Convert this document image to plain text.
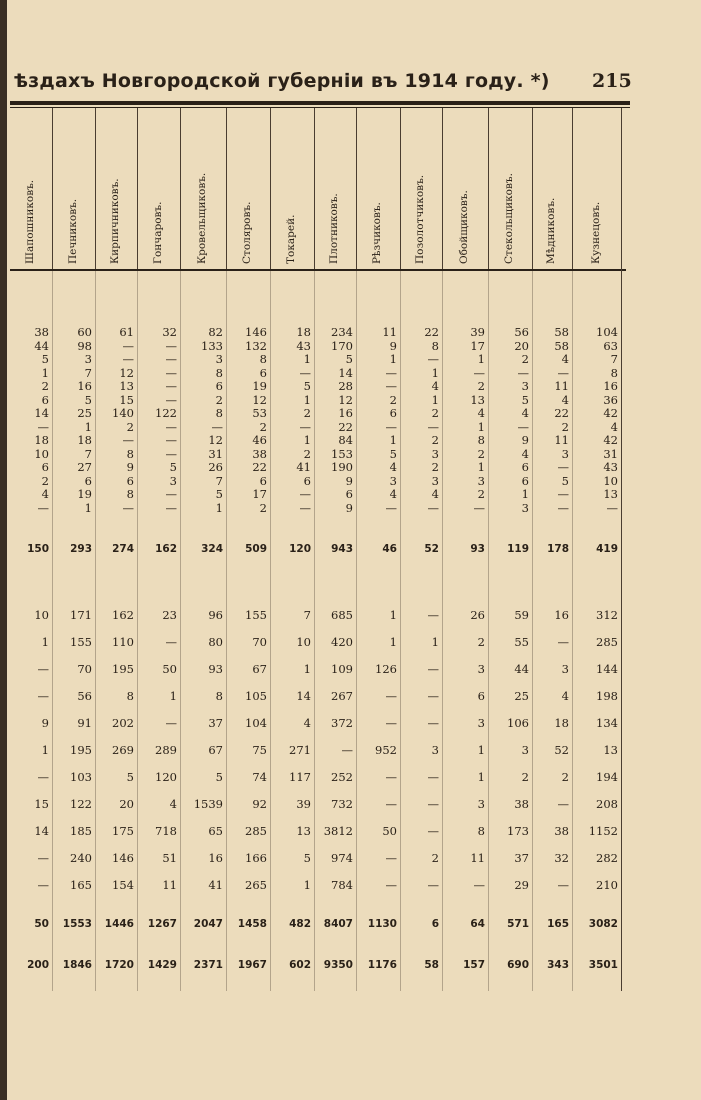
ѣздахъ Новгородской губерніи въ 1914 году. *) 215
Шапошниковъ.	Печниковъ.	Кирпичниковъ.	Гончаровъ.	Кровельщиковъ.	Столяровъ.	Токарей.	Плотниковъ.	Рѣзчиковъ.	Позолотчиковъ.	Обойщиковъ.	Стекольщиковъ.	Мѣдниковъ.	Кузнецовъ.
38	60	61	32	82	146	18	234	11	22	39	56	58	104
44	98	—	—	133	132	43	170	9	8	17	20	58	63
5	3	—	—	3	8	1	5	1	—	1	2	4	7
1	7	12	—	8	6	—	14	—	1	—	—	—	8
2	16	13	—	6	19	5	28	—	4	2	3	11	16
6	5	15	—	2	12	1	12	2	1	13	5	4	36
14	25	140	122	8	53	2	16	6	2	4	4	22	42
—	1	2	—	—	2	—	22	—	—	1	—	2	4
18	18	—	—	12	46	1	84	1	2	8	9	11	42
10	7	8	—	31	38	2	153	5	3	2	4	3	31
6	27	9	5	26	22	41	190	4	2	1	6	—	43
2	6	6	3	7	6	6	9	3	3	3	6	5	10
4	19	8	—	5	17	—	6	4	4	2	1	—	13
—	1	—	—	1	2	—	9	—	—	—	3	—	—
150	293	274	162	324	509	120	943	46	52	93	119	178	419
10	171	162	23	96	155	7	685	1	—	26	59	16	312
1	155	110	—	80	70	10	420	1	1	2	55	—	285
—	70	195	50	93	67	1	109	126	—	3	44	3	144
—	56	8	1	8	105	14	267	—	—	6	25	4	198
9	91	202	—	37	104	4	372	—	—	3	106	18	134
1	195	269	289	67	75	271	—	952	3	1	3	52	13
—	103	5	120	5	74	117	252	—	—	1	2	2	194
15	122	20	4	1539	92	39	732	—	—	3	38	—	208
14	185	175	718	65	285	13	3812	50	—	8	173	38	1152
—	240	146	51	16	166	5	974	—	2	11	37	32	282
—	165	154	11	41	265	1	784	—	—	—	29	—	210
50	1553	1446	1267	2047	1458	482	8407	1130	6	64	571	165	3082
200	1846	1720	1429	2371	1967	602	9350	1176	58	157	690	343	3501
